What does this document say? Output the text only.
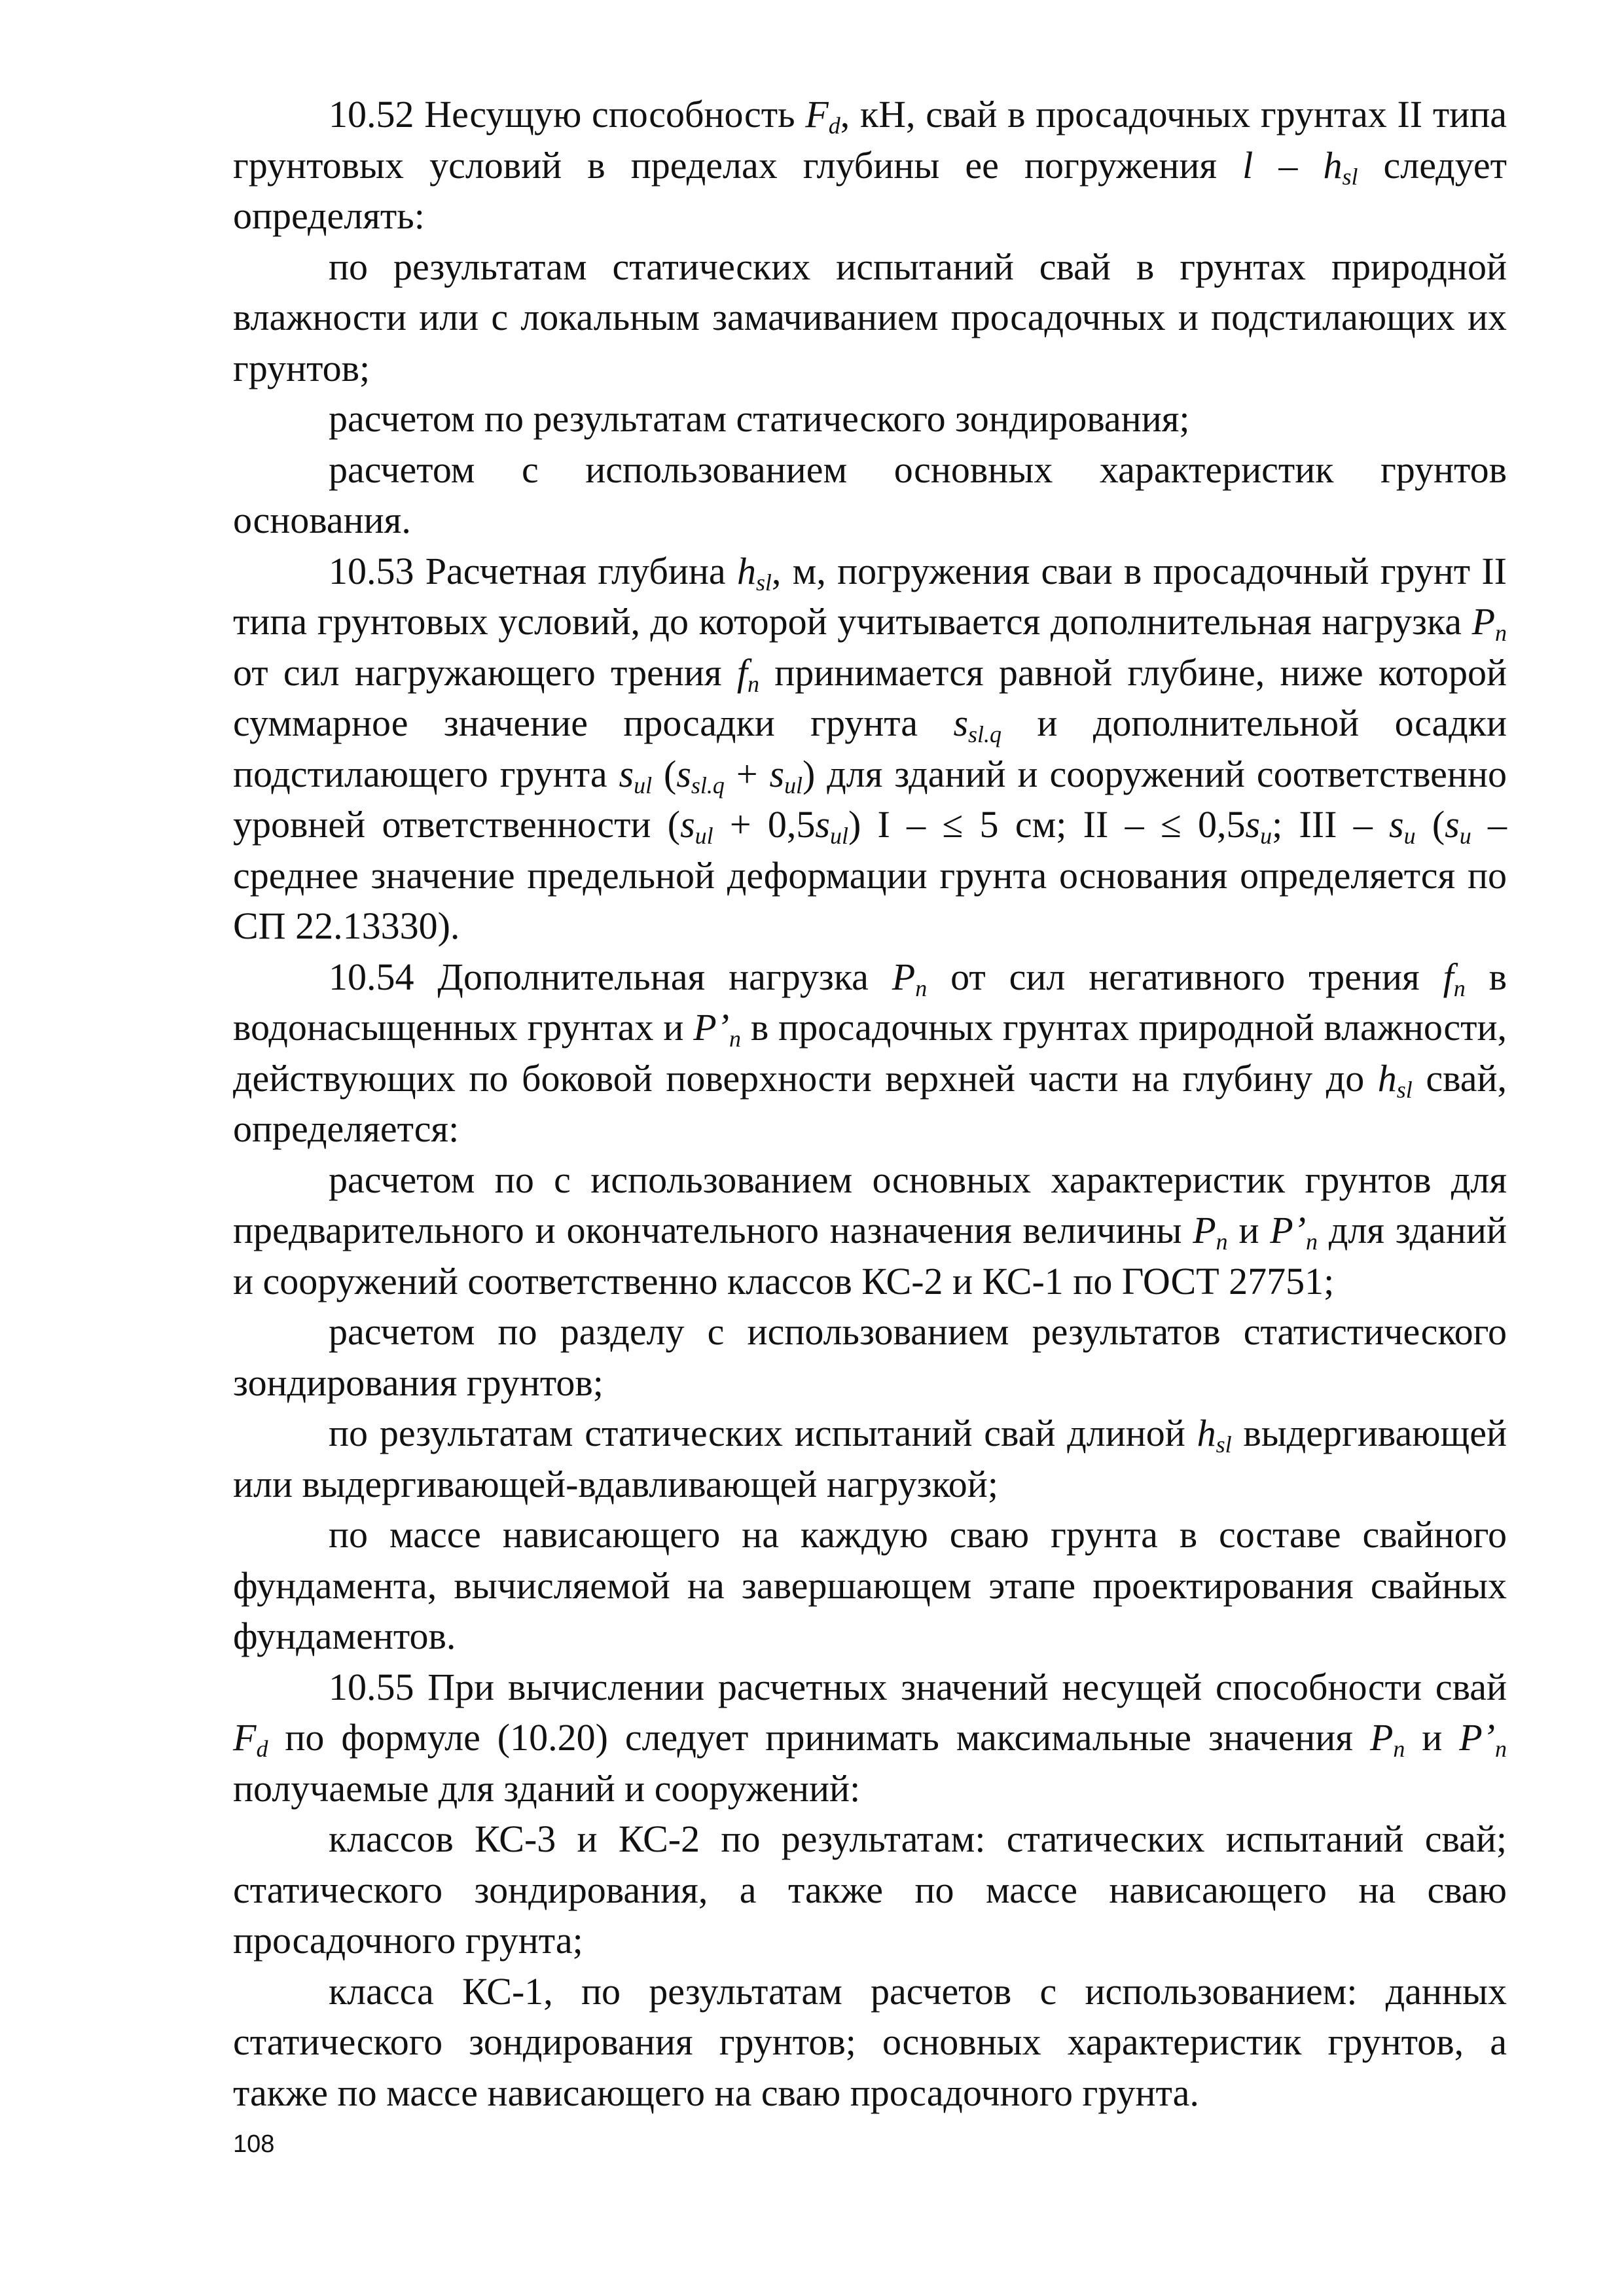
10.52 Несущую способность $F_d$, кН, свай в просадочных грунтах II типа грунтовых условий в пределах глубины ее погружения l – $h_{sl}$ следует определять:

по результатам статических испытаний свай в грунтах природной влажности или с локальным замачиванием просадочных и подстилающих их грунтов;

расчетом по результатам статического зондирования;

расчетом с использованием основных характеристик грунтов основания.

10.53 Расчетная глубина $h_{sl}$, м, погружения сваи в просадочный грунт II типа грунтовых условий, до которой учитывается дополнительная нагрузка $P_n$ от сил нагружающего трения $f_n$ принимается равной глубине, ниже которой суммарное значение просадки грунта $s_{sl.q}$ и дополнительной осадки подстилающего грунта $s_{ul}$ $(s_{sl.q} + s_{ul})$ для зданий и сооружений соответственно уровней ответственности $(s_{ul} + 0,5s_{ul})$ I – ≤ 5 см; II – ≤ $0,5s_u$; III – $s_u$ ($s_u$ – среднее значение предельной деформации грунта основания определяется по СП 22.13330).

10.54 Дополнительная нагрузка $P_n$ от сил негативного трения $f_n$ в водонасыщенных грунтах и $P’_n$ в просадочных грунтах природной влажности, действующих по боковой поверхности верхней части на глубину до $h_{sl}$ свай, определяется:

расчетом по с использованием основных характеристик грунтов для предварительного и окончательного назначения величины $P_n$ и $P’_n$ для зданий и сооружений соответственно классов КС-2 и КС-1 по ГОСТ 27751;

расчетом по разделу с использованием результатов статистического зондирования грунтов;

по результатам статических испытаний свай длиной $h_{sl}$ выдергивающей или выдергивающей-вдавливающей нагрузкой;

по массе нависающего на каждую сваю грунта в составе свайного фундамента, вычисляемой на завершающем этапе проектирования свайных фундаментов.

10.55 При вычислении расчетных значений несущей способности свай $F_d$ по формуле (10.20) следует принимать максимальные значения $P_n$ и $P’_n$ получаемые для зданий и сооружений:

классов КС-3 и КС-2 по результатам: статических испытаний свай; статического зондирования, а также по массе нависающего на сваю просадочного грунта;

класса КС-1, по результатам расчетов с использованием: данных статического зондирования грунтов; основных характеристик грунтов, а также по массе нависающего на сваю просадочного грунта.

108
